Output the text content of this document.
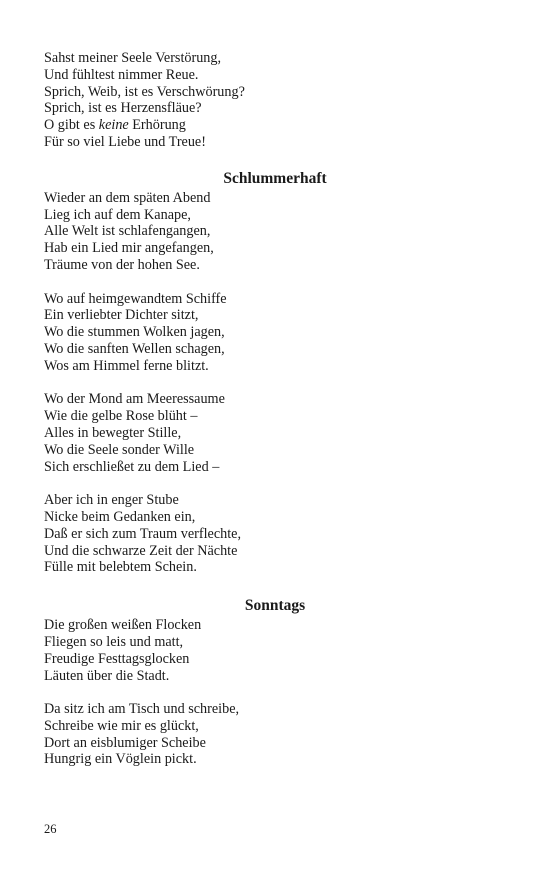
Sahst meiner Seele Verstörung,
Und fühltest nimmer Reue.
Sprich, Weib, ist es Verschwörung?
Sprich, ist es Herzensfläue?
O gibt es keine Erhörung
Für so viel Liebe und Treue!
Schlummerhaft
Wieder an dem späten Abend
Lieg ich auf dem Kanape,
Alle Welt ist schlafengangen,
Hab ein Lied mir angefangen,
Träume von der hohen See.
Wo auf heimgewandtem Schiffe
Ein verliebter Dichter sitzt,
Wo die stummen Wolken jagen,
Wo die sanften Wellen schagen,
Wos am Himmel ferne blitzt.
Wo der Mond am Meeressaume
Wie die gelbe Rose blüht –
Alles in bewegter Stille,
Wo die Seele sonder Wille
Sich erschließet zu dem Lied –
Aber ich in enger Stube
Nicke beim Gedanken ein,
Daß er sich zum Traum verflechte,
Und die schwarze Zeit der Nächte
Fülle mit belebtem Schein.
Sonntags
Die großen weißen Flocken
Fliegen so leis und matt,
Freudige Festtagsglocken
Läuten über die Stadt.
Da sitz ich am Tisch und schreibe,
Schreibe wie mir es glückt,
Dort an eisblumiger Scheibe
Hungrig ein Vöglein pickt.
26
